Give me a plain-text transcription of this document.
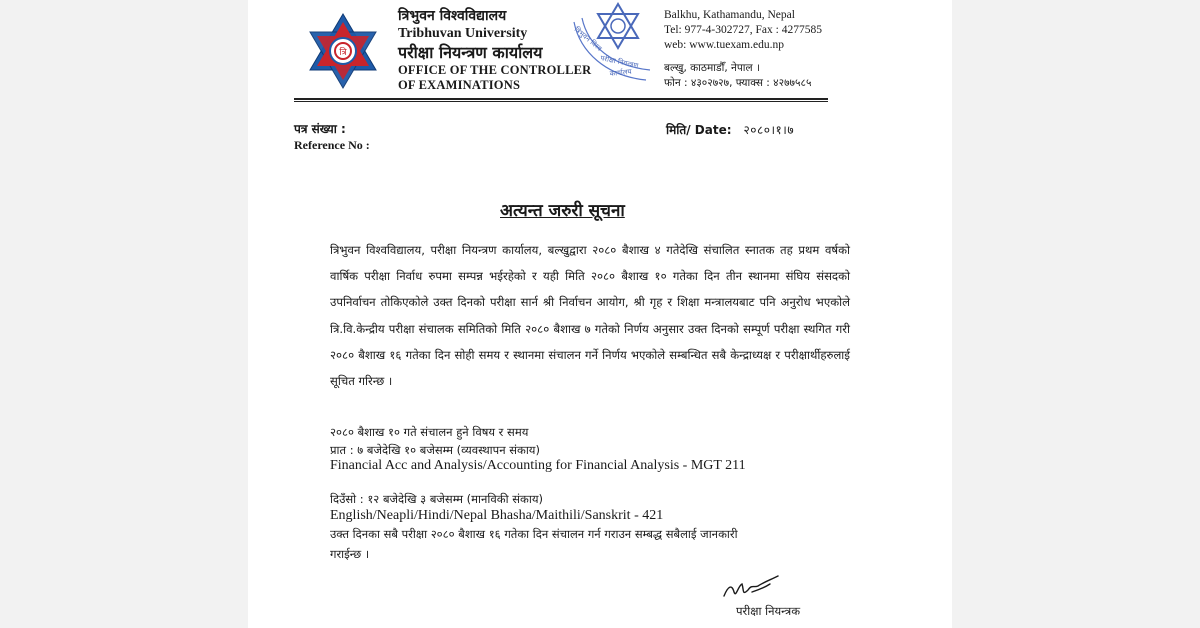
त्रि
त्रिभुवन विश्वविद्यालय
Tribhuvan University
परीक्षा नियन्त्रण कार्यालय
OFFICE OF THE CONTROLLER
OF EXAMINATIONS
त्रिभुवन विश्व
परीक्षा नियन्त्रण
कार्यालय
Balkhu, Kathamandu, Nepal
Tel: 977-4-302727, Fax : 4277585
web: www.tuexam.edu.np
बल्खु, काठमाडौँ, नेपाल ।
फोन : ४३०२७२७, फ्याक्स : ४२७७५८५
पत्र संख्या :
Reference No :
मिति/ Date: २०८०।१।७
अत्यन्त जरुरी सूचना
त्रिभुवन विश्वविद्यालय, परीक्षा नियन्त्रण कार्यालय, बल्खुद्वारा २०८० बैशाख ४ गतेदेखि संचालित स्नातक तह प्रथम वर्षको वार्षिक परीक्षा निर्वाध रुपमा सम्पन्न भईरहेको र यही मिति २०८० बैशाख १० गतेका दिन तीन स्थानमा संघिय संसदको उपनिर्वाचन तोकिएकोले उक्त दिनको परीक्षा सार्न श्री निर्वाचन आयोग, श्री गृह र शिक्षा मन्त्रालयबाट पनि अनुरोध भएकोले त्रि.वि.केन्द्रीय परीक्षा संचालक समितिको मिति २०८० बैशाख ७ गतेको निर्णय अनुसार उक्त दिनको सम्पूर्ण परीक्षा स्थगित गरी २०८० बैशाख १६ गतेका दिन सोही समय र स्थानमा संचालन गर्ने निर्णय भएकोले सम्बन्धित सबै केन्द्राध्यक्ष र परीक्षार्थीहरुलाई सूचित गरिन्छ ।
२०८० बैशाख १० गते संचालन हुने विषय र समय
प्रात : ७ बजेदेखि १० बजेसम्म (व्यवस्थापन संकाय)
Financial Acc and Analysis/Accounting for Financial Analysis - MGT 211
दिउँसो : १२ बजेदेखि ३ बजेसम्म (मानविकी संकाय)
English/Neapli/Hindi/Nepal Bhasha/Maithili/Sanskrit - 421
उक्त दिनका सबै परीक्षा २०८० बैशाख १६ गतेका दिन संचालन गर्न गराउन सम्बद्ध सबैलाई जानकारी
गराईन्छ ।
परीक्षा नियन्त्रक
